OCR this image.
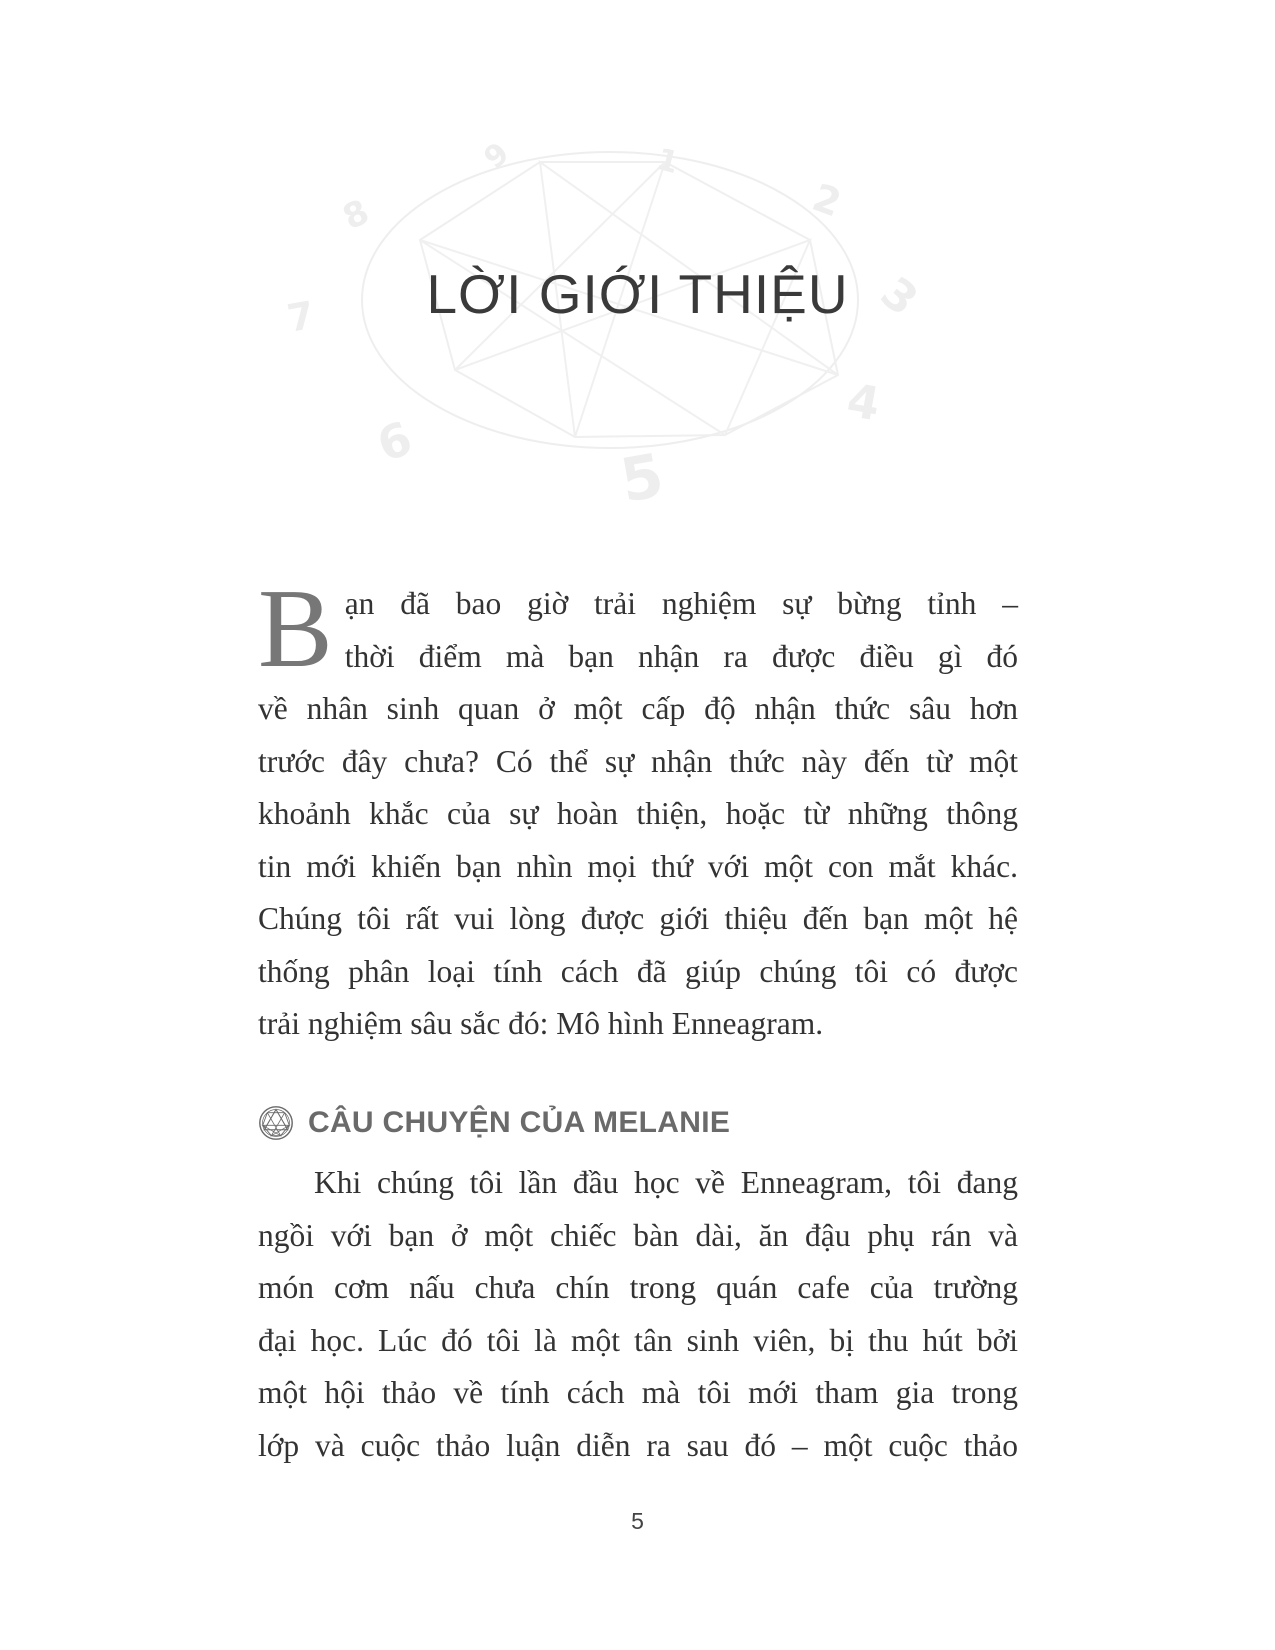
1
2
3
4
5
6
7
8
9
LỜI GIỚI THIỆU
B ạn đã bao giờ trải nghiệm sự bừng tỉnh –
thời điểm mà bạn nhận ra được điều gì đó
về nhân sinh quan ở một cấp độ nhận thức sâu hơn
trước đây chưa? Có thể sự nhận thức này đến từ một
khoảnh khắc của sự hoàn thiện, hoặc từ những thông
tin mới khiến bạn nhìn mọi thứ với một con mắt khác.
Chúng tôi rất vui lòng được giới thiệu đến bạn một hệ
thống phân loại tính cách đã giúp chúng tôi có được
trải nghiệm sâu sắc đó: Mô hình Enneagram.
CÂU CHUYỆN CỦA MELANIE
Khi chúng tôi lần đầu học về Enneagram, tôi đang
ngồi với bạn ở một chiếc bàn dài, ăn đậu phụ rán và
món cơm nấu chưa chín trong quán cafe của trường
đại học. Lúc đó tôi là một tân sinh viên, bị thu hút bởi
một hội thảo về tính cách mà tôi mới tham gia trong
lớp và cuộc thảo luận diễn ra sau đó – một cuộc thảo
5
